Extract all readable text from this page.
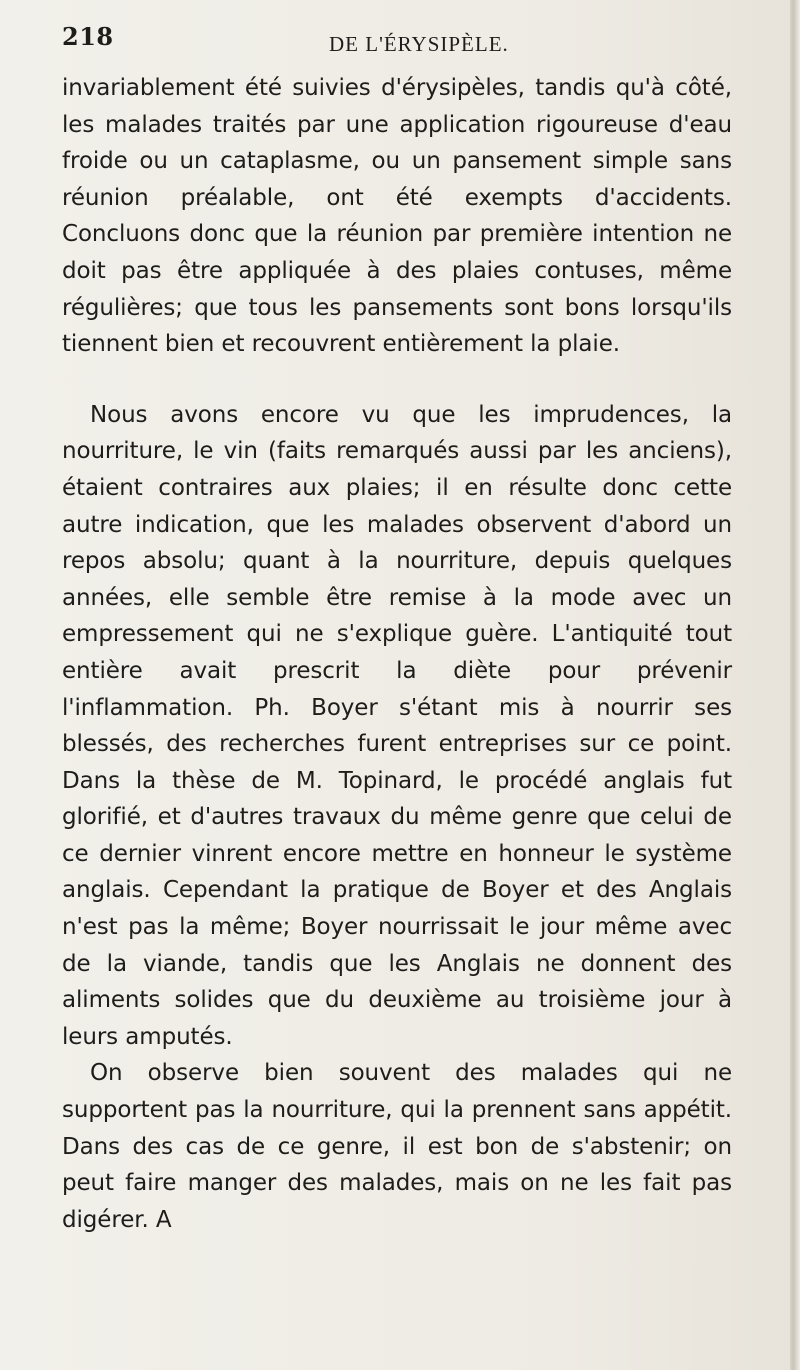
218	DE L'ÉRYSIPÈLE.

invariablement été suivies d'érysipèles, tandis qu'à côté, les malades traités par une application rigoureuse d'eau froide ou un cataplasme, ou un pansement simple sans réunion préalable, ont été exempts d'accidents. Concluons donc que la réunion par première intention ne doit pas être appliquée à des plaies contuses, même régulières; que tous les pansements sont bons lorsqu'ils tiennent bien et recouvrent entièrement la plaie.

Nous avons encore vu que les imprudences, la nourriture, le vin (faits remarqués aussi par les anciens), étaient contraires aux plaies; il en résulte donc cette autre indication, que les malades observent d'abord un repos absolu; quant à la nourriture, depuis quelques années, elle semble être remise à la mode avec un empressement qui ne s'explique guère. L'antiquité tout entière avait prescrit la diète pour prévenir l'inflammation. Ph. Boyer s'étant mis à nourrir ses blessés, des recherches furent entreprises sur ce point. Dans la thèse de M. Topinard, le procédé anglais fut glorifié, et d'autres travaux du même genre que celui de ce dernier vinrent encore mettre en honneur le système anglais. Cependant la pratique de Boyer et des Anglais n'est pas la même; Boyer nourrissait le jour même avec de la viande, tandis que les Anglais ne donnent des aliments solides que du deuxième au troisième jour à leurs amputés.

On observe bien souvent des malades qui ne supportent pas la nourriture, qui la prennent sans appétit. Dans des cas de ce genre, il est bon de s'abstenir; on peut faire manger des malades, mais on ne les fait pas digérer. A
